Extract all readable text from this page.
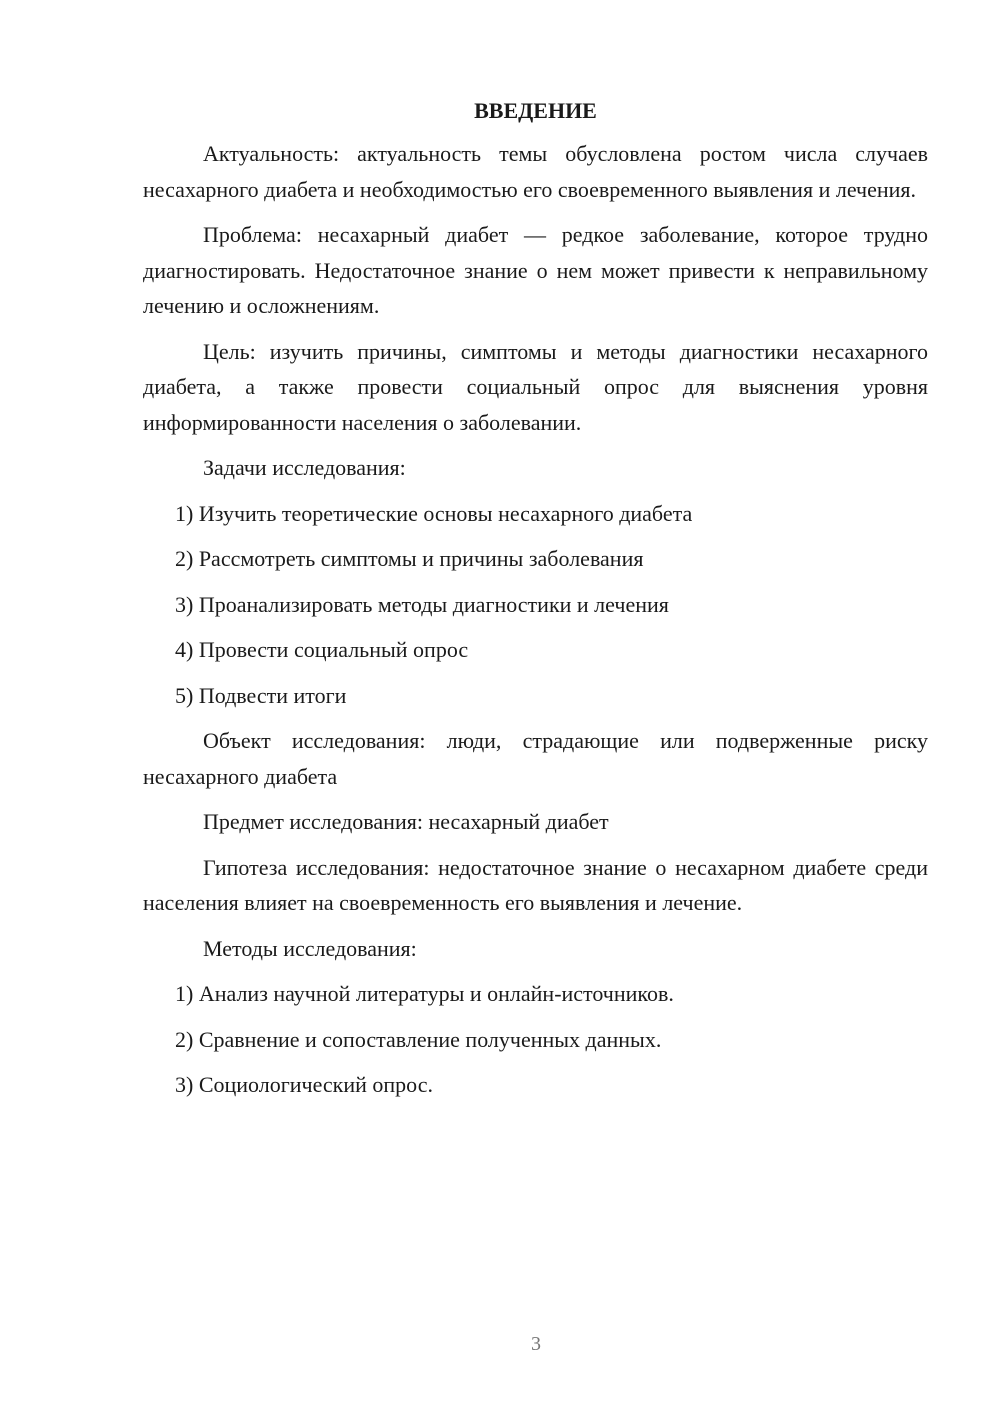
ВВЕДЕНИЕ

Актуальность: актуальность темы обусловлена ростом числа случаев несахарного диабета и необходимостью его своевременного выявления и лечения.

Проблема: несахарный диабет — редкое заболевание, которое трудно диагностировать. Недостаточное знание о нем может привести к неправильному лечению и осложнениям.

Цель: изучить причины, симптомы и методы диагностики несахарного диабета, а также провести социальный опрос для выяснения уровня информированности населения о заболевании.

Задачи исследования:

1) Изучить теоретические основы несахарного диабета
2) Рассмотреть симптомы и причины заболевания
3) Проанализировать методы диагностики и лечения
4) Провести социальный опрос
5) Подвести итоги

Объект исследования: люди, страдающие или подверженные риску несахарного диабета

Предмет исследования: несахарный диабет

Гипотеза исследования: недостаточное знание о несахарном диабете среди населения влияет на своевременность его выявления и лечение.

Методы исследования:

1) Анализ научной литературы и онлайн-источников.
2) Сравнение и сопоставление полученных данных.
3) Социологический опрос.
3
